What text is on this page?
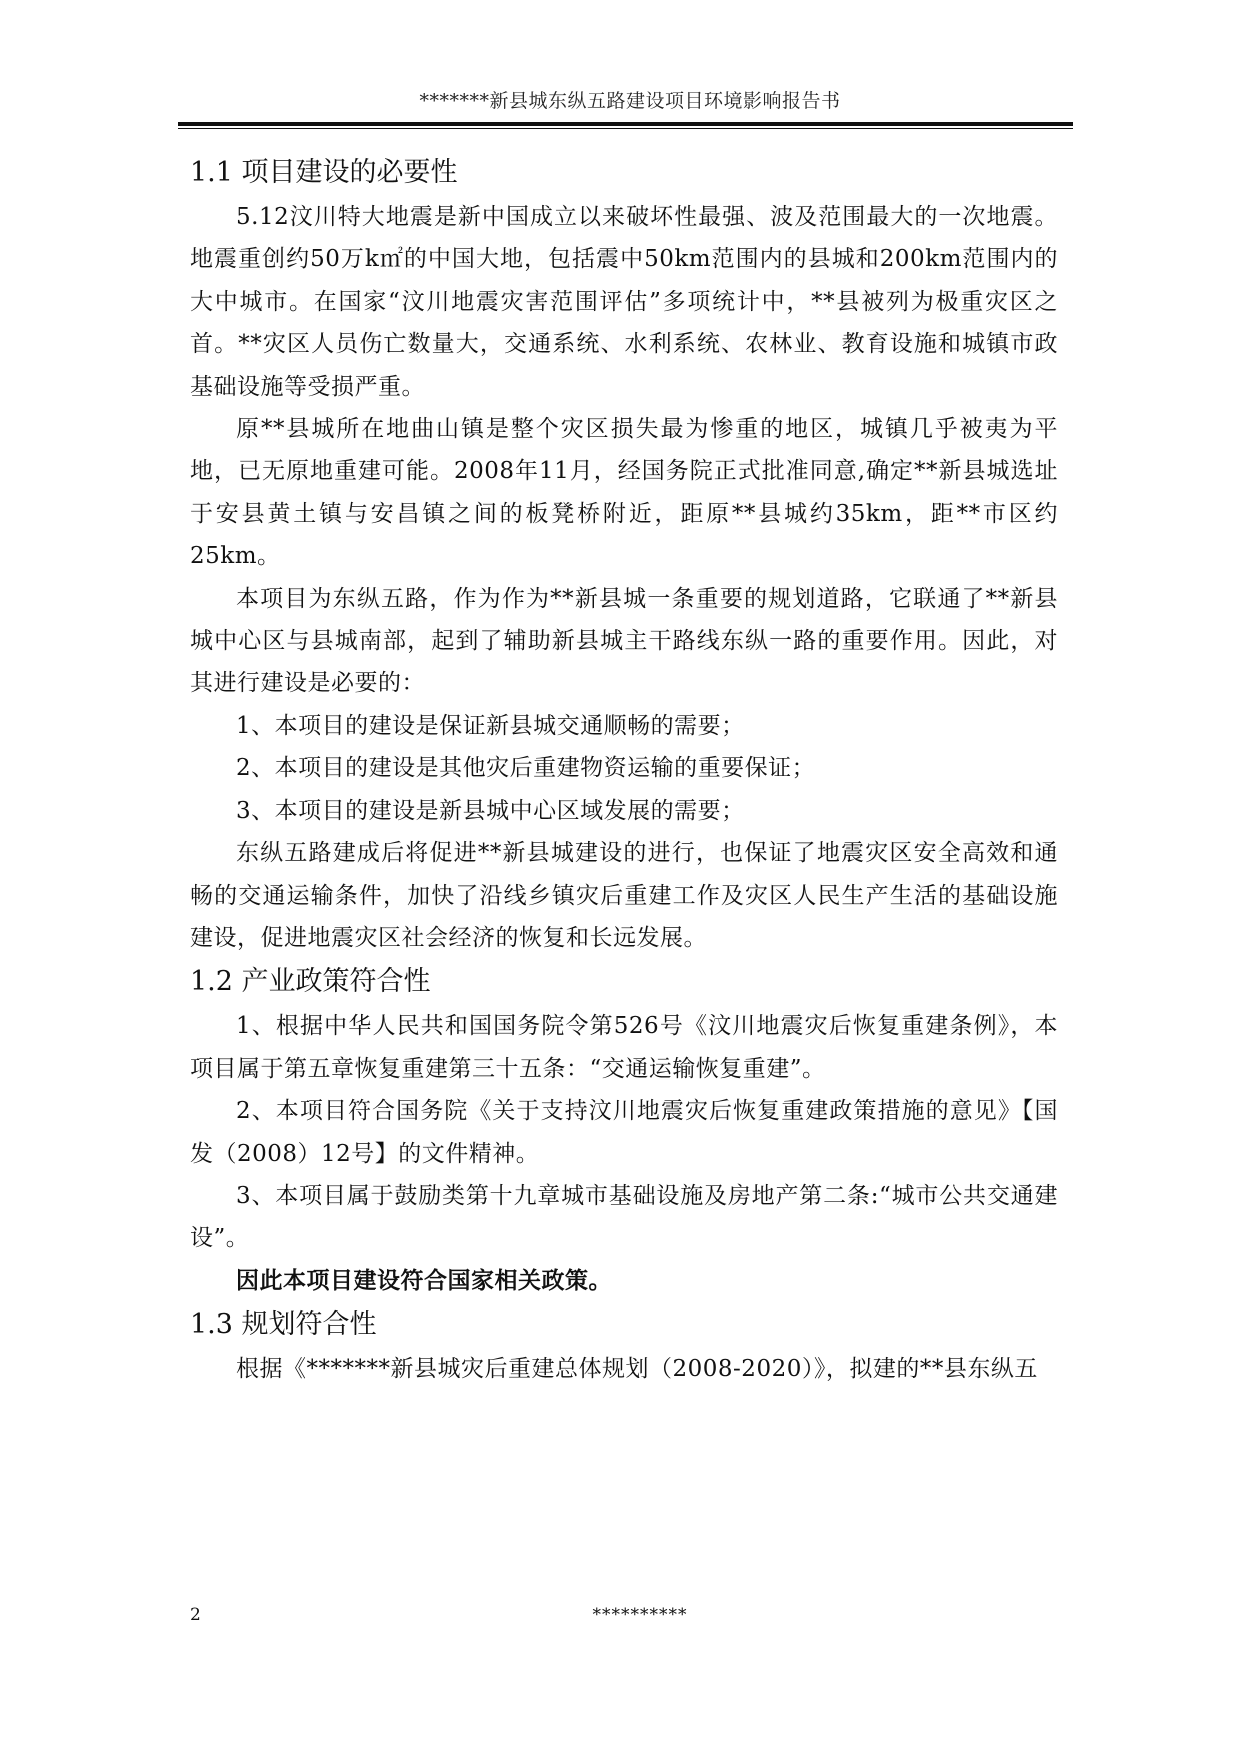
*******新县城东纵五路建设项目环境影响报告书
1.1 项目建设的必要性

5.12汶川特大地震是新中国成立以来破坏性最强、波及范围最大的一次地震。地震重创约50万k㎡的中国大地，包括震中50km范围内的县城和200km范围内的大中城市。在国家“汶川地震灾害范围评估”多项统计中，**县被列为极重灾区之首。**灾区人员伤亡数量大，交通系统、水利系统、农林业、教育设施和城镇市政基础设施等受损严重。

原**县城所在地曲山镇是整个灾区损失最为惨重的地区，城镇几乎被夷为平地，已无原地重建可能。2008年11月，经国务院正式批准同意,确定**新县城选址于安县黄土镇与安昌镇之间的板凳桥附近，距原**县城约35km，距**市区约25km。

本项目为东纵五路，作为作为**新县城一条重要的规划道路，它联通了**新县城中心区与县城南部，起到了辅助新县城主干路线东纵一路的重要作用。因此，对其进行建设是必要的：

1、本项目的建设是保证新县城交通顺畅的需要；

2、本项目的建设是其他灾后重建物资运输的重要保证；

3、本项目的建设是新县城中心区域发展的需要；

东纵五路建成后将促进**新县城建设的进行，也保证了地震灾区安全高效和通畅的交通运输条件，加快了沿线乡镇灾后重建工作及灾区人民生产生活的基础设施建设，促进地震灾区社会经济的恢复和长远发展。

1.2 产业政策符合性

1、根据中华人民共和国国务院令第526号《汶川地震灾后恢复重建条例》，本项目属于第五章恢复重建第三十五条：“交通运输恢复重建”。

2、本项目符合国务院《关于支持汶川地震灾后恢复重建政策措施的意见》【国发（2008）12号】的文件精神。

3、本项目属于鼓励类第十九章城市基础设施及房地产第二条:“城市公共交通建设”。

因此本项目建设符合国家相关政策。

1.3 规划符合性

根据《*******新县城灾后重建总体规划（2008-2020）》，拟建的**县东纵五

2	**********
